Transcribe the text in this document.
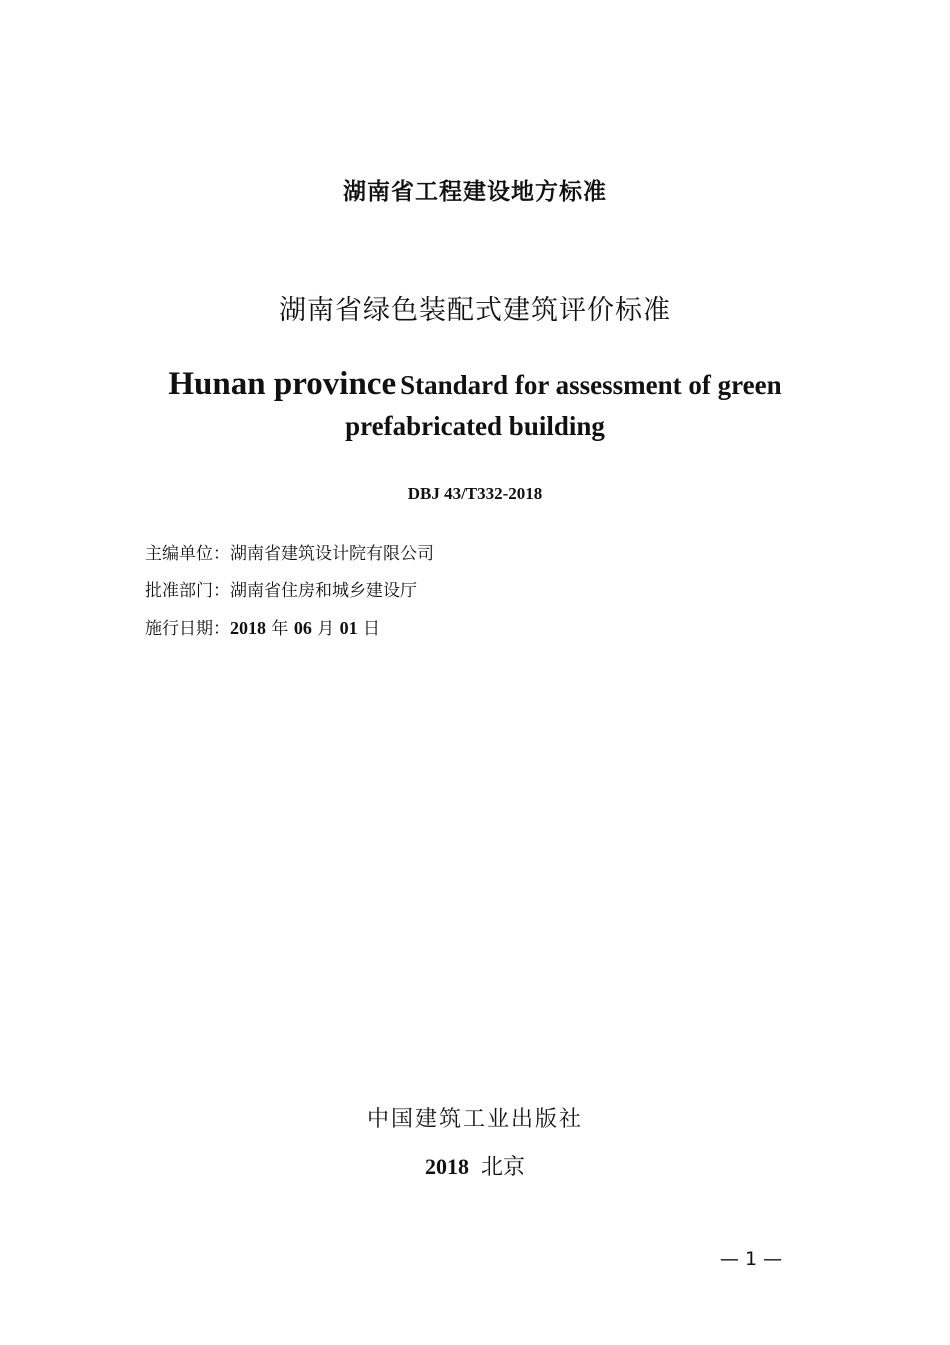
湖南省工程建设地方标准
湖南省绿色装配式建筑评价标准
Hunan province Standard for assessment of green
prefabricated building
DBJ 43/T332-2018
主编单位：湖南省建筑设计院有限公司
批准部门：湖南省住房和城乡建设厅
施行日期：2018 年 06 月 01 日
中国建筑工业出版社
2018 北京
— 1 —
